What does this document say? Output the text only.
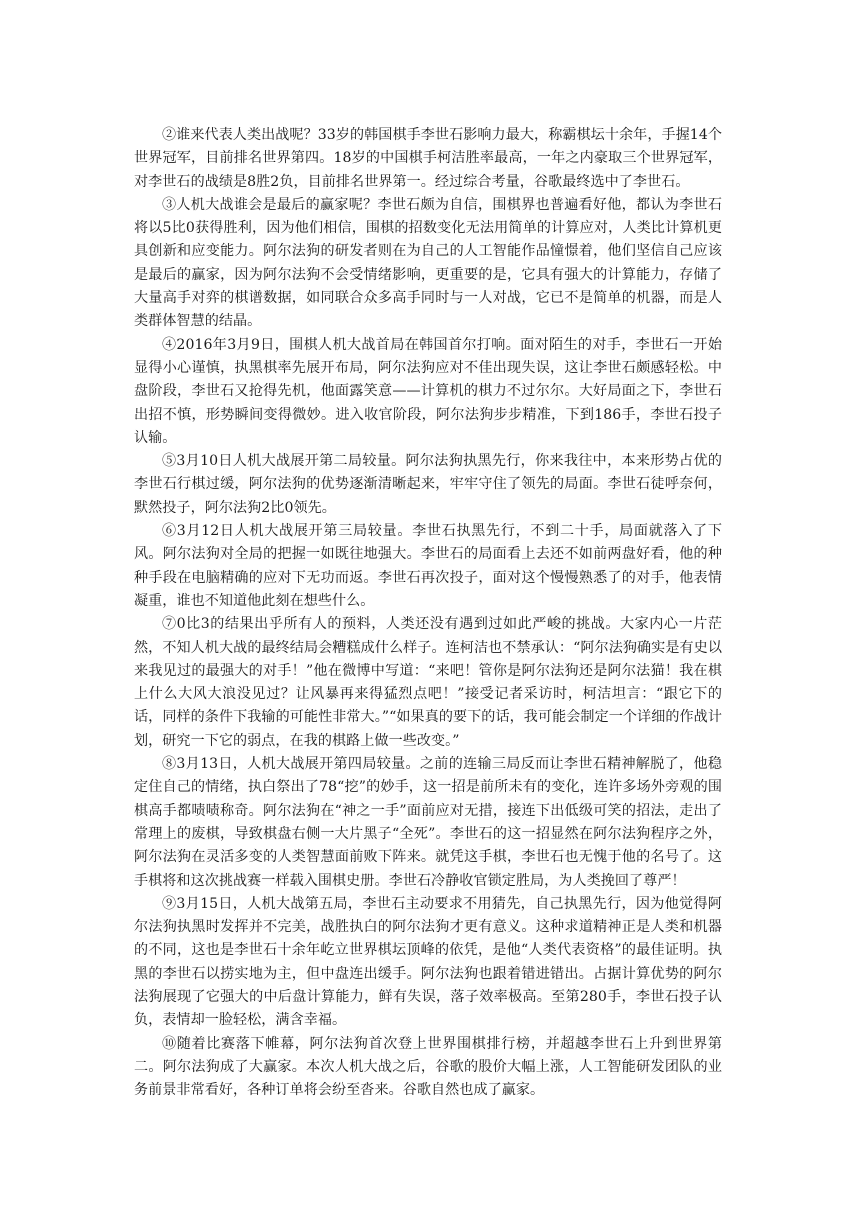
②谁来代表人类出战呢？33岁的韩国棋手李世石影响力最大，称霸棋坛十余年，手握14个世界冠军，目前排名世界第四。18岁的中国棋手柯洁胜率最高，一年之内豪取三个世界冠军，对李世石的战绩是8胜2负，目前排名世界第一。经过综合考量，谷歌最终选中了李世石。

③人机大战谁会是最后的赢家呢？李世石颇为自信，围棋界也普遍看好他，都认为李世石将以5比0获得胜利，因为他们相信，围棋的招数变化无法用简单的计算应对，人类比计算机更具创新和应变能力。阿尔法狗的研发者则在为自己的人工智能作品憧憬着，他们坚信自己应该是最后的赢家，因为阿尔法狗不会受情绪影响，更重要的是，它具有强大的计算能力，存储了大量高手对弈的棋谱数据，如同联合众多高手同时与一人对战，它已不是简单的机器，而是人类群体智慧的结晶。

④2016年3月9日，围棋人机大战首局在韩国首尔打响。面对陌生的对手，李世石一开始显得小心谨慎，执黑棋率先展开布局，阿尔法狗应对不佳出现失误，这让李世石颇感轻松。中盘阶段，李世石又抢得先机，他面露笑意——计算机的棋力不过尔尔。大好局面之下，李世石出招不慎，形势瞬间变得微妙。进入收官阶段，阿尔法狗步步精准，下到186手，李世石投子认输。

⑤3月10日人机大战展开第二局较量。阿尔法狗执黑先行，你来我往中，本来形势占优的李世石行棋过缓，阿尔法狗的优势逐渐清晰起来，牢牢守住了领先的局面。李世石徒呼奈何，默然投子，阿尔法狗2比0领先。

⑥3月12日人机大战展开第三局较量。李世石执黑先行，不到二十手，局面就落入了下风。阿尔法狗对全局的把握一如既往地强大。李世石的局面看上去还不如前两盘好看，他的种种手段在电脑精确的应对下无功而返。李世石再次投子，面对这个慢慢熟悉了的对手，他表情凝重，谁也不知道他此刻在想些什么。

⑦0比3的结果出乎所有人的预料，人类还没有遇到过如此严峻的挑战。大家内心一片茫然，不知人机大战的最终结局会糟糕成什么样子。连柯洁也不禁承认：“阿尔法狗确实是有史以来我见过的最强大的对手！”他在微博中写道：“来吧！管你是阿尔法狗还是阿尔法猫！我在棋上什么大风大浪没见过？让风暴再来得猛烈点吧！”接受记者采访时，柯洁坦言：“跟它下的话，同样的条件下我输的可能性非常大。”“如果真的要下的话，我可能会制定一个详细的作战计划，研究一下它的弱点，在我的棋路上做一些改变。”

⑧3月13日，人机大战展开第四局较量。之前的连输三局反而让李世石精神解脱了，他稳定住自己的情绪，执白祭出了78“挖”的妙手，这一招是前所未有的变化，连许多场外旁观的围棋高手都啧啧称奇。阿尔法狗在“神之一手”面前应对无措，接连下出低级可笑的招法，走出了常理上的废棋，导致棋盘右侧一大片黑子“全死”。李世石的这一招显然在阿尔法狗程序之外，阿尔法狗在灵活多变的人类智慧面前败下阵来。就凭这手棋，李世石也无愧于他的名号了。这手棋将和这次挑战赛一样载入围棋史册。李世石冷静收官锁定胜局，为人类挽回了尊严！

⑨3月15日，人机大战第五局，李世石主动要求不用猜先，自己执黑先行，因为他觉得阿尔法狗执黑时发挥并不完美，战胜执白的阿尔法狗才更有意义。这种求道精神正是人类和机器的不同，这也是李世石十余年屹立世界棋坛顶峰的依凭，是他“人类代表资格”的最佳证明。执黑的李世石以捞实地为主，但中盘连出缓手。阿尔法狗也跟着错进错出。占据计算优势的阿尔法狗展现了它强大的中后盘计算能力，鲜有失误，落子效率极高。至第280手，李世石投子认负，表情却一脸轻松，满含幸福。

⑩随着比赛落下帷幕，阿尔法狗首次登上世界围棋排行榜，并超越李世石上升到世界第二。阿尔法狗成了大赢家。本次人机大战之后，谷歌的股价大幅上涨，人工智能研发团队的业务前景非常看好，各种订单将会纷至沓来。谷歌自然也成了赢家。
